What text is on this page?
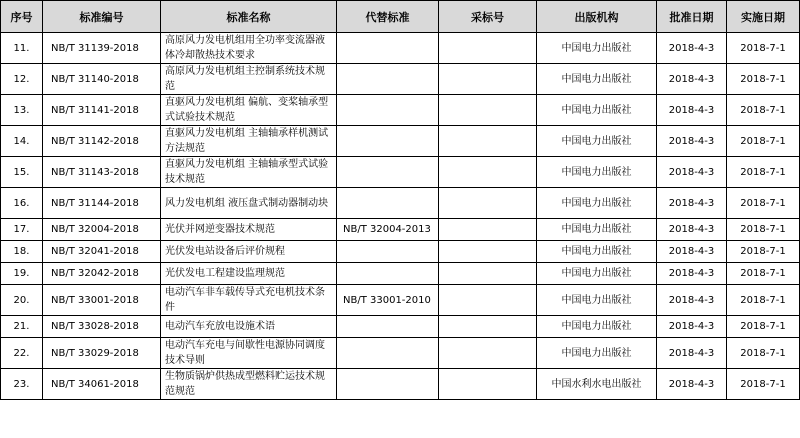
序号	标准编号	标准名称	代替标准	采标号	出版机构	批准日期	实施日期
11.	NB/T 31139-2018	高原风力发电机组用全功率变流器液体冷却散热技术要求			中国电力出版社	2018-4-3	2018-7-1
12.	NB/T 31140-2018	高原风力发电机组主控制系统技术规范			中国电力出版社	2018-4-3	2018-7-1
13.	NB/T 31141-2018	直驱风力发电机组 偏航、变桨轴承型式试验技术规范			中国电力出版社	2018-4-3	2018-7-1
14.	NB/T 31142-2018	直驱风力发电机组 主轴轴承样机测试方法规范			中国电力出版社	2018-4-3	2018-7-1
15.	NB/T 31143-2018	直驱风力发电机组 主轴轴承型式试验技术规范			中国电力出版社	2018-4-3	2018-7-1
16.	NB/T 31144-2018	风力发电机组 液压盘式制动器制动块			中国电力出版社	2018-4-3	2018-7-1
17.	NB/T 32004-2018	光伏并网逆变器技术规范	NB/T 32004-2013		中国电力出版社	2018-4-3	2018-7-1
18.	NB/T 32041-2018	光伏发电站设备后评价规程			中国电力出版社	2018-4-3	2018-7-1
19.	NB/T 32042-2018	光伏发电工程建设监理规范			中国电力出版社	2018-4-3	2018-7-1
20.	NB/T 33001-2018	电动汽车非车载传导式充电机技术条件	NB/T 33001-2010		中国电力出版社	2018-4-3	2018-7-1
21.	NB/T 33028-2018	电动汽车充放电设施术语			中国电力出版社	2018-4-3	2018-7-1
22.	NB/T 33029-2018	电动汽车充电与间歇性电源协同调度技术导则			中国电力出版社	2018-4-3	2018-7-1
23.	NB/T 34061-2018	生物质锅炉供热成型燃料贮运技术规范规范			中国水利水电出版社	2018-4-3	2018-7-1
